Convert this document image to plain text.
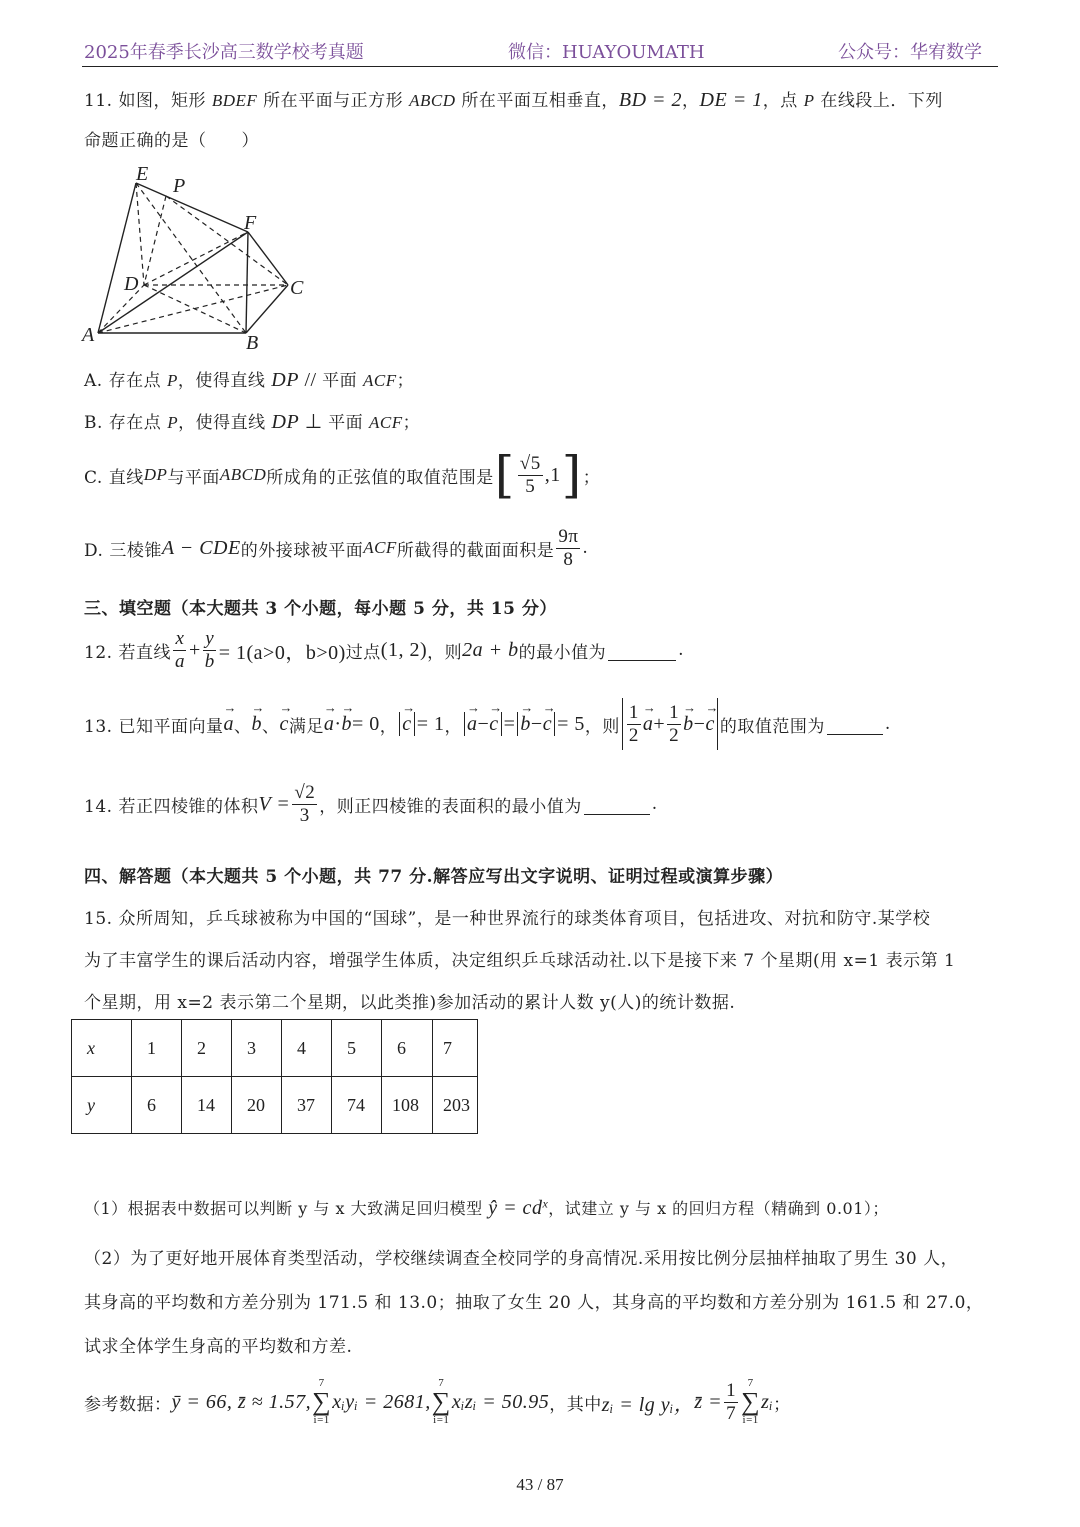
2025年春季长沙高三数学校考真题	微信：HUAYOUMATH	公众号：华宥数学
11. 如图，矩形 BDEF 所在平面与正方形 ABCD 所在平面互相垂直，BD = 2，DE = 1，点 P 在线段上．下列
命题正确的是（　　）
E
P
F
D	C
A	B
A. 存在点 P，使得直线 DP // 平面 ACF；
B. 存在点 P，使得直线 DP ⊥ 平面 ACF；
C. 直线 DP 与平面 ABCD 所成角的正弦值的取值范围是 [ $\frac{√5}{5} ,1$ ] ；
D. 三棱锥 A − CDE 的外接球被平面 ACF 所截得的截面面积是 $\frac{9\pi}{8}$ .
三、填空题（本大题共 3 个小题，每小题 5 分，共 15 分）
12. 若直线 $\frac{x}{a} + \frac{y}{b} = 1(a>0$，b>0) 过点 (1, 2) ，则 2a + b 的最小值为	.
13. 已知平面向量 → a 、 → b 、 → c 满足 → a · → b = 0 ， → c = 1 ， → a − → c = → b − → c = 5 ，则 $\frac{1}{2} \to a + \frac{1}{2} \to b$ − → c 的取值范围为	.
14. 若正四棱锥的体积 $V = \frac{√2}{3}$ ，则正四棱锥的表面积的最小值为	.
四、解答题（本大题共 5 个小题，共 77 分.解答应写出文字说明、证明过程或演算步骤）
15. 众所周知，乒乓球被称为中国的“国球”，是一种世界流行的球类体育项目，包括进攻、对抗和防守.某学校
为了丰富学生的课后活动内容，增强学生体质，决定组织乒乓球活动社.以下是接下来 7 个星期(用 x=1 表示第 1
个星期，用 x=2 表示第二个星期，以此类推)参加活动的累计人数 y(人)的统计数据.
x	1	2	3	4	5	6	7
y	6	14	20	37	74	108	203
（1）根据表中数据可以判断 y 与 x 大致满足回归模型 ŷ = $cd^x$，试建立 y 与 x 的回归方程（精确到 0.01）；
（2）为了更好地开展体育类型活动，学校继续调查全校同学的身高情况.采用按比例分层抽样抽取了男生 30 人，
其身高的平均数和方差分别为 171.5 和 13.0；抽取了女生 20 人，其身高的平均数和方差分别为 161.5 和 27.0，
试求全体学生身高的平均数和方差.
参考数据： ȳ = 66, z̄ ≈ 1.57,
7
∑
i=1
xᵢyᵢ = 2681,
7
∑
i=1
xᵢzᵢ = 50.95 ，其中 zᵢ = lg yᵢ， z̄ = $\frac{1}{7} 7$
∑
i=1
zᵢ ；
43 / 87
